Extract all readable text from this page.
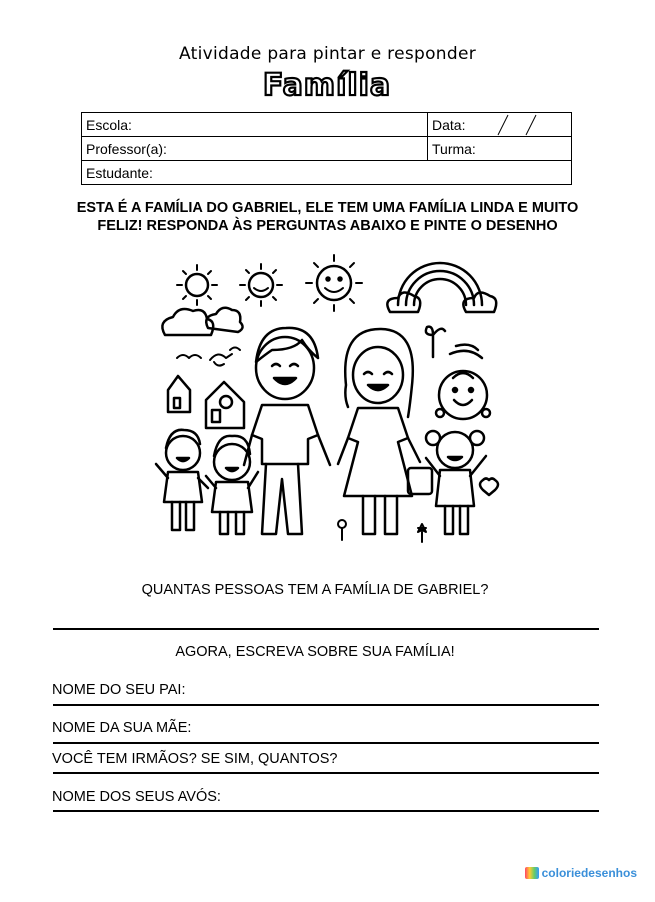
Atividade para pintar e responder
Família
Escola:	Data:

Professor(a):	Turma:
Estudante:	
ESTA É A FAMÍLIA DO GABRIEL, ELE TEM UMA FAMÍLIA LINDA E MUITO
FELIZ! RESPONDA ÀS PERGUNTAS ABAIXO E PINTE O DESENHO
QUANTAS PESSOAS TEM A FAMÍLIA DE GABRIEL?
AGORA, ESCREVA SOBRE SUA FAMÍLIA!
NOME DO SEU PAI:
NOME DA SUA MÃE:
VOCÊ TEM IRMÃOS? SE SIM, QUANTOS?
NOME DOS SEUS AVÓS:
coloriedesenhos
